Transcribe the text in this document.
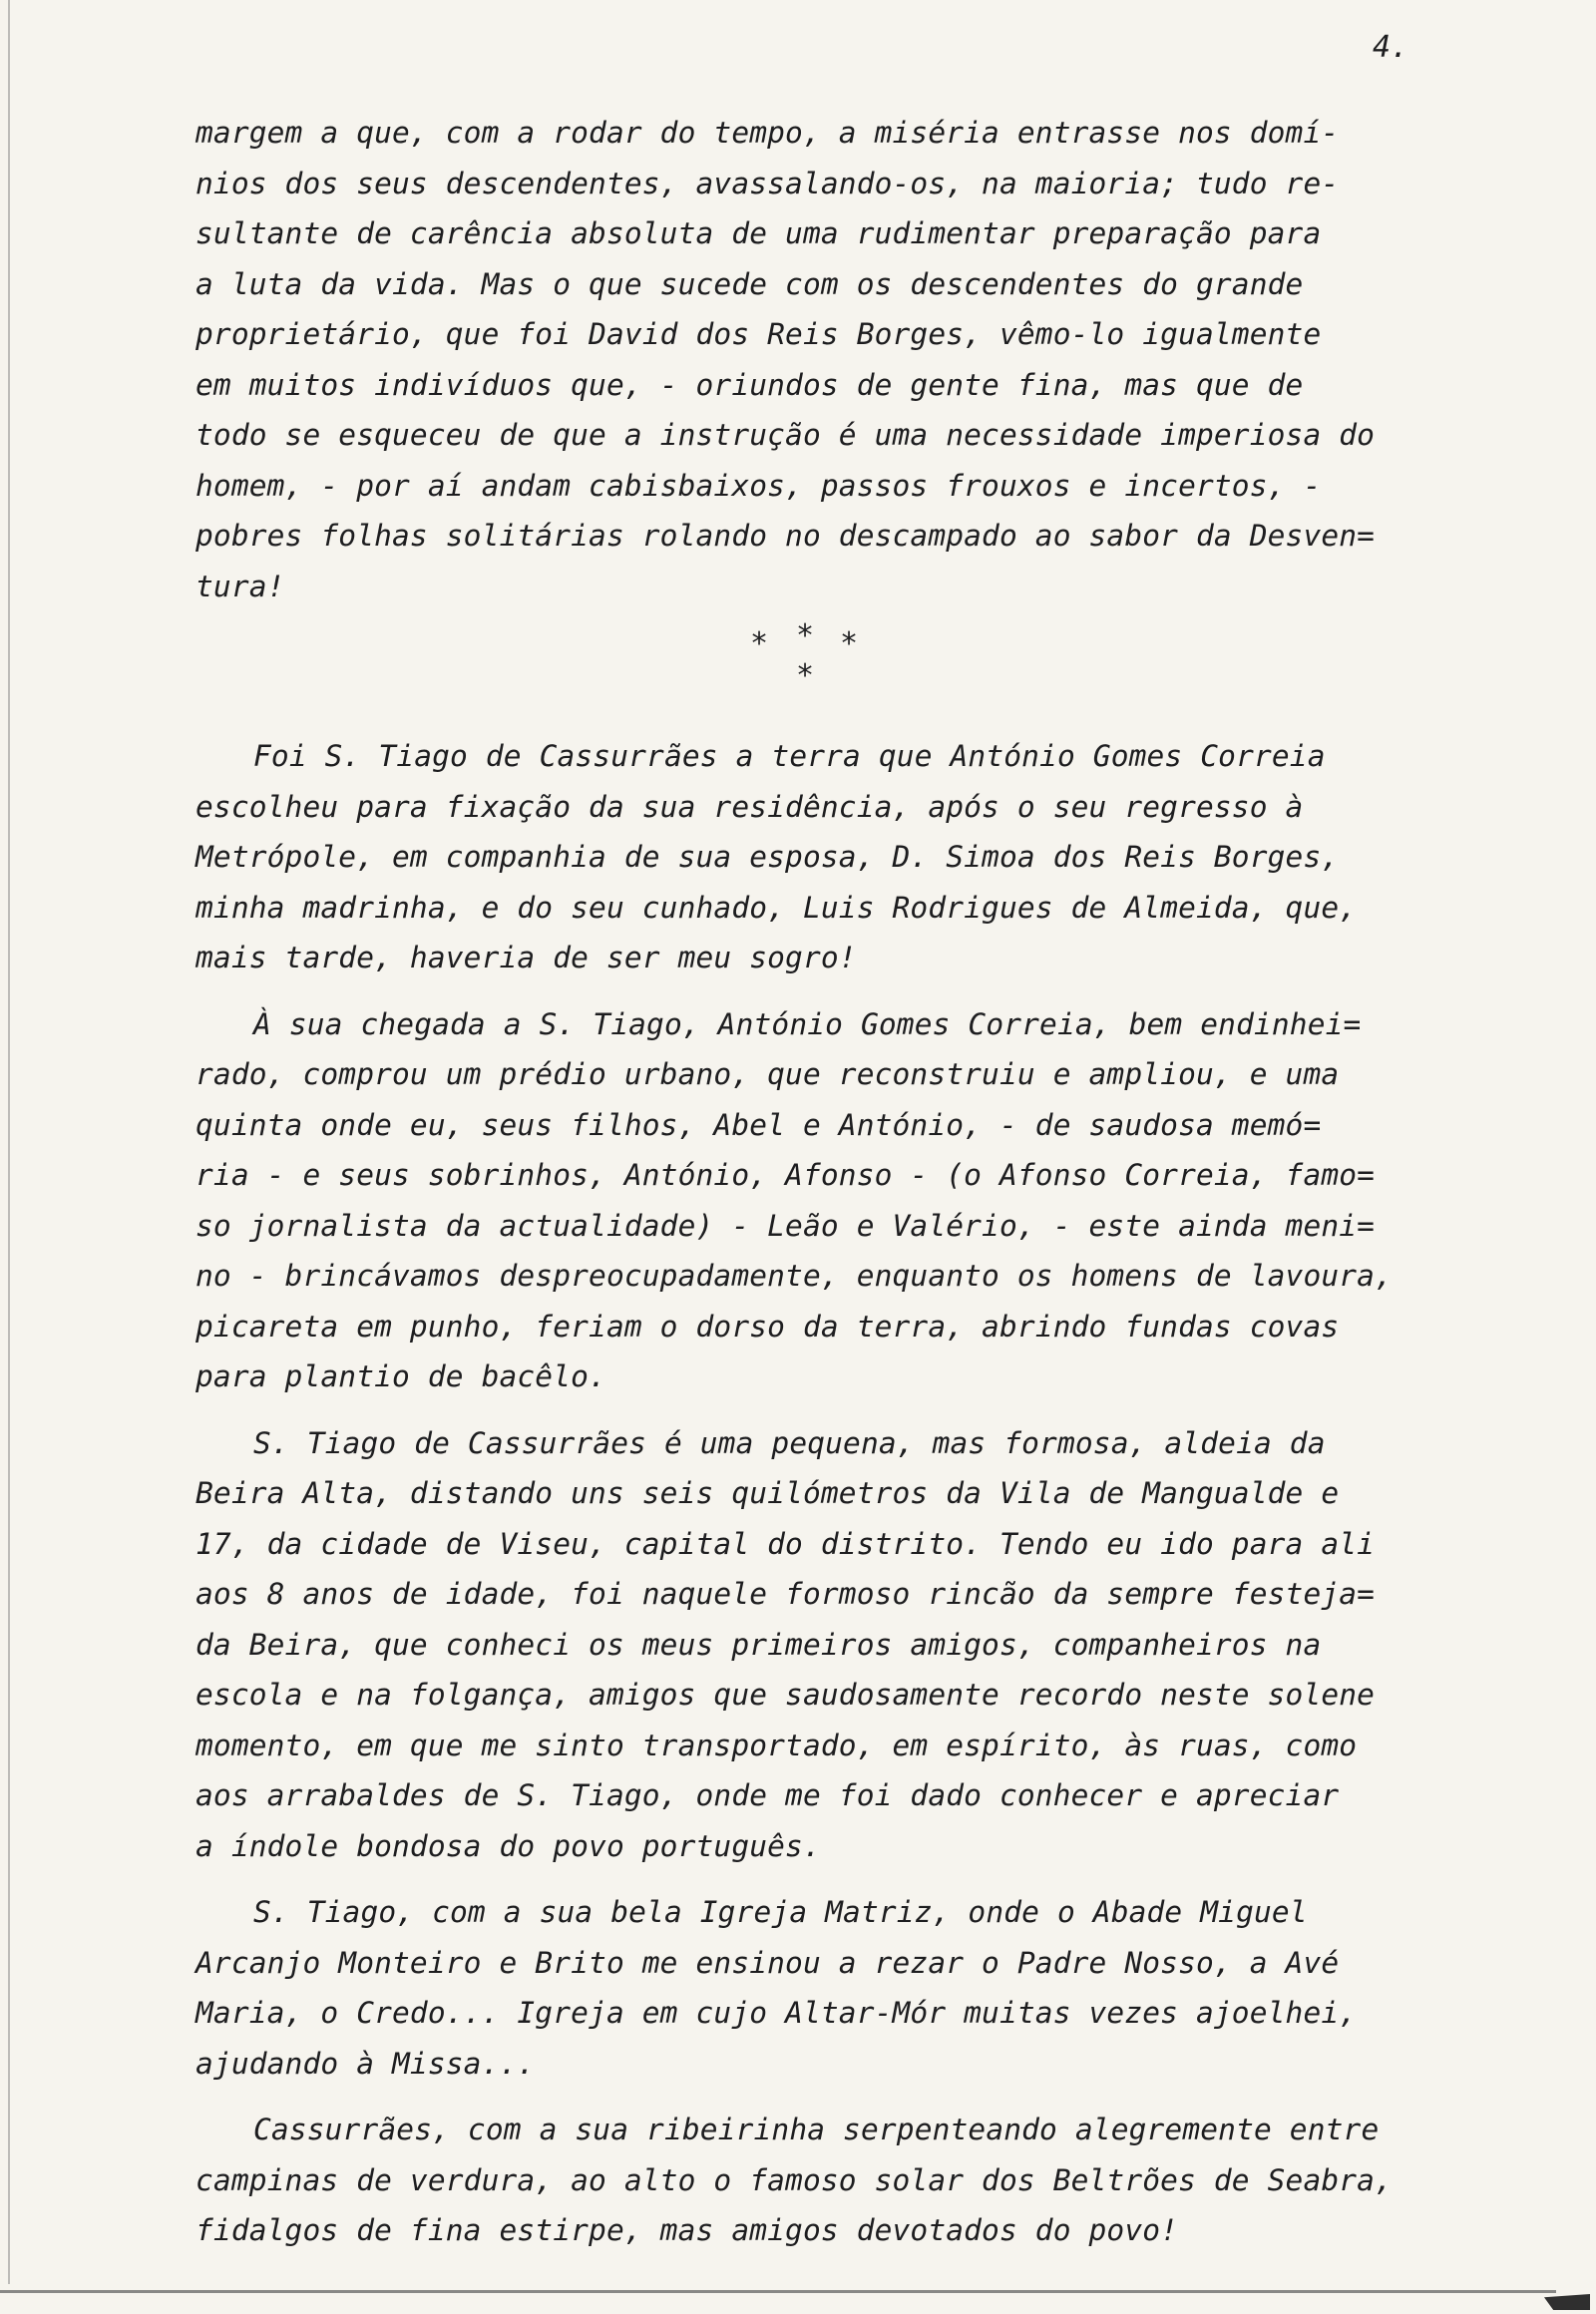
4.
margem a que, com a rodar do tempo, a miséria entrasse nos domí-
nios dos seus descendentes, avassalando-os, na maioria; tudo re-
sultante de carência absoluta de uma rudimentar preparação para
a luta da vida. Mas o que sucede com os descendentes do grande
proprietário, que foi David dos Reis Borges, vêmo-lo igualmente
em muitos indivíduos que, - oriundos de gente fina, mas que de
todo se esqueceu de que a instrução é uma necessidade imperiosa do
homem, - por aí andam cabisbaixos, passos frouxos e incertos, -
pobres folhas solitárias rolando no descampado ao sabor da Desven=
tura!
* * *
*
Foi S. Tiago de Cassurrães a terra que António Gomes Correia
escolheu para fixação da sua residência, após o seu regresso à
Metrópole, em companhia de sua esposa, D. Simoa dos Reis Borges,
minha madrinha, e do seu cunhado, Luis Rodrigues de Almeida, que,
mais tarde, haveria de ser meu sogro!
À sua chegada a S. Tiago, António Gomes Correia, bem endinhei=
rado, comprou um prédio urbano, que reconstruiu e ampliou, e uma
quinta onde eu, seus filhos, Abel e António, - de saudosa memó=
ria - e seus sobrinhos, António, Afonso - (o Afonso Correia, famo=
so jornalista da actualidade) - Leão e Valério, - este ainda meni=
no - brincávamos despreocupadamente, enquanto os homens de lavoura,
picareta em punho, feriam o dorso da terra, abrindo fundas covas
para plantio de bacêlo.
S. Tiago de Cassurrães é uma pequena, mas formosa, aldeia da
Beira Alta, distando uns seis quilómetros da Vila de Mangualde e
17, da cidade de Viseu, capital do distrito. Tendo eu ido para ali
aos 8 anos de idade, foi naquele formoso rincão da sempre festeja=
da Beira, que conheci os meus primeiros amigos, companheiros na
escola e na folgança, amigos que saudosamente recordo neste solene
momento, em que me sinto transportado, em espírito, às ruas, como
aos arrabaldes de S. Tiago, onde me foi dado conhecer e apreciar
a índole bondosa do povo português.
S. Tiago, com a sua bela Igreja Matriz, onde o Abade Miguel
Arcanjo Monteiro e Brito me ensinou a rezar o Padre Nosso, a Avé
Maria, o Credo... Igreja em cujo Altar-Mór muitas vezes ajoelhei,
ajudando à Missa...
Cassurrães, com a sua ribeirinha serpenteando alegremente entre
campinas de verdura, ao alto o famoso solar dos Beltrões de Seabra,
fidalgos de fina estirpe, mas amigos devotados do povo!
